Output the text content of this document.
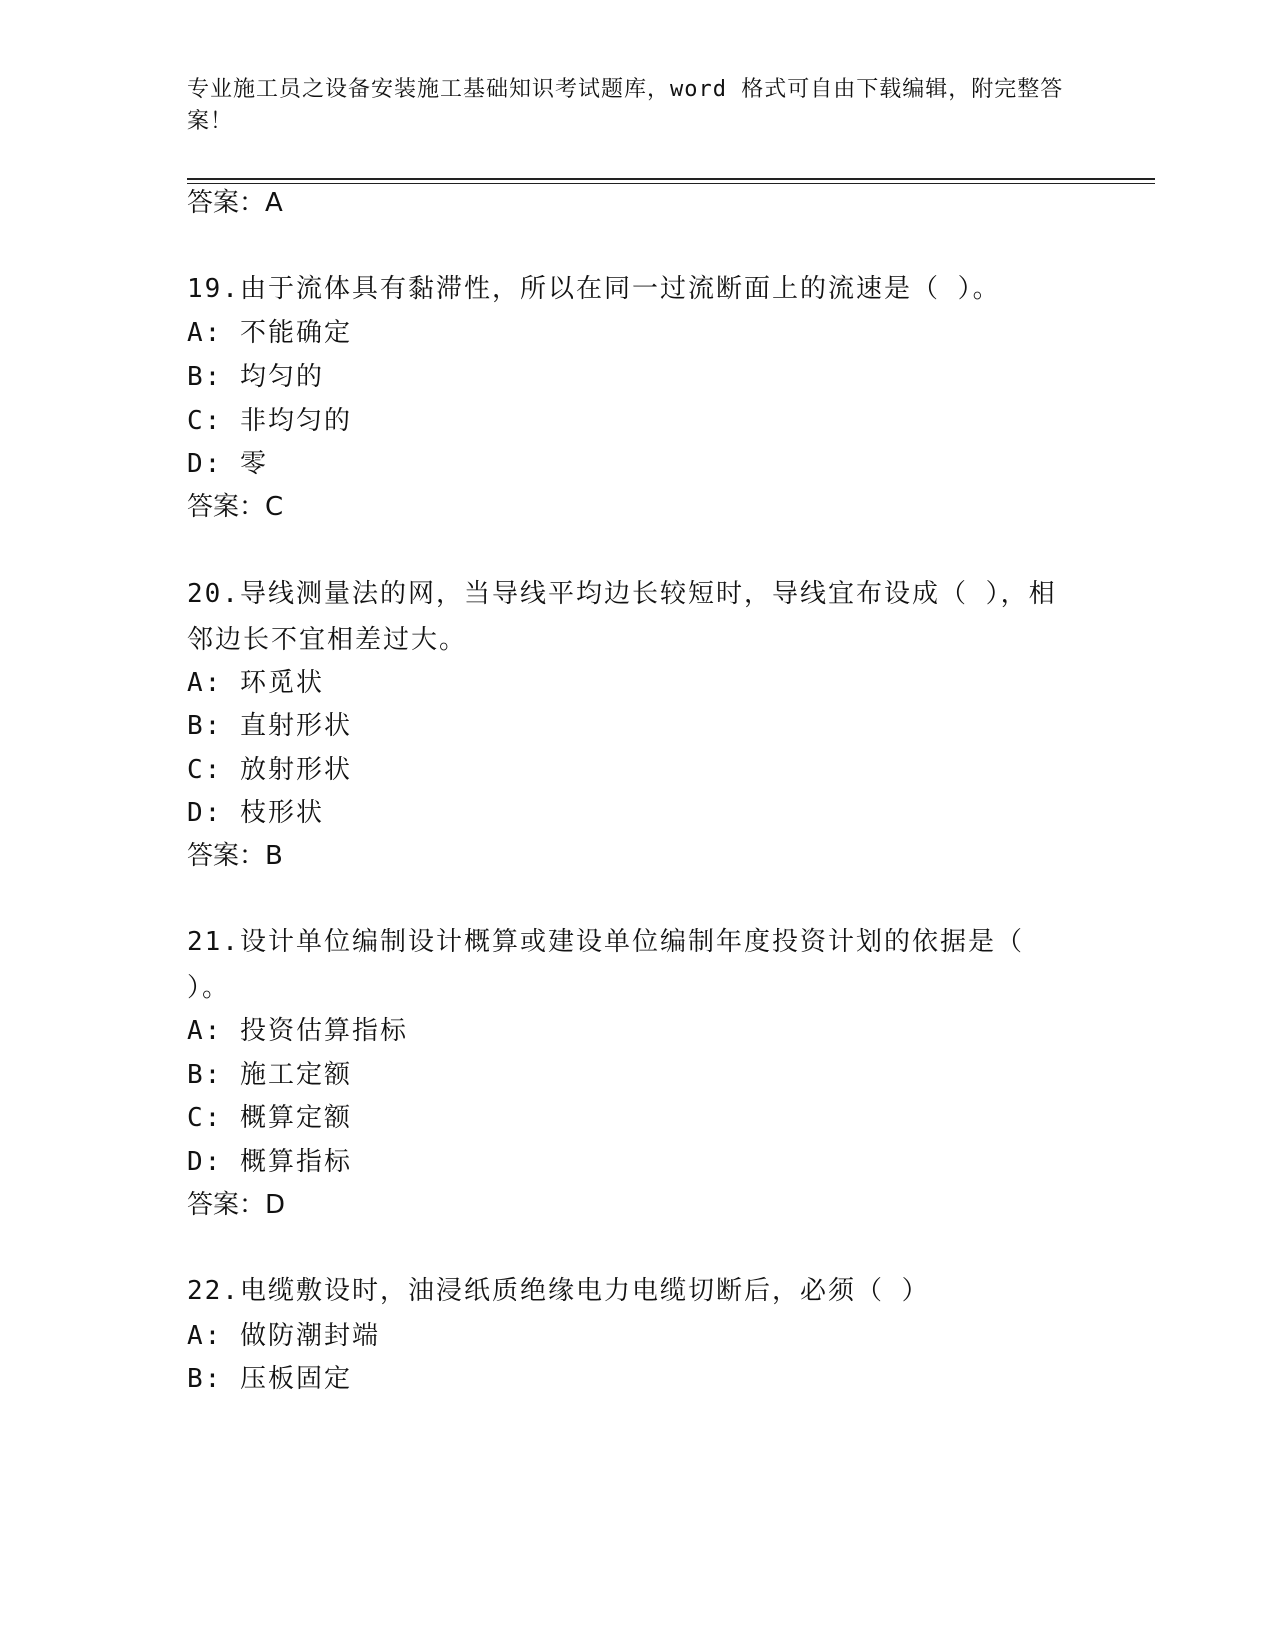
专业施工员之设备安装施工基础知识考试题库，word 格式可自由下载编辑，附完整答案！
答案：A
19.由于流体具有黏滞性，所以在同一过流断面上的流速是（ ）。
A: 不能确定
B: 均匀的
C: 非均匀的
D: 零
答案：C
20.导线测量法的网，当导线平均边长较短时，导线宜布设成（ ），相邻边长不宜相差过大。
A: 环觅状
B: 直射形状
C: 放射形状
D: 枝形状
答案：B
21.设计单位编制设计概算或建设单位编制年度投资计划的依据是（ ）。
A: 投资估算指标
B: 施工定额
C: 概算定额
D: 概算指标
答案：D
22.电缆敷设时，油浸纸质绝缘电力电缆切断后，必须（ ）
A: 做防潮封端
B: 压板固定
